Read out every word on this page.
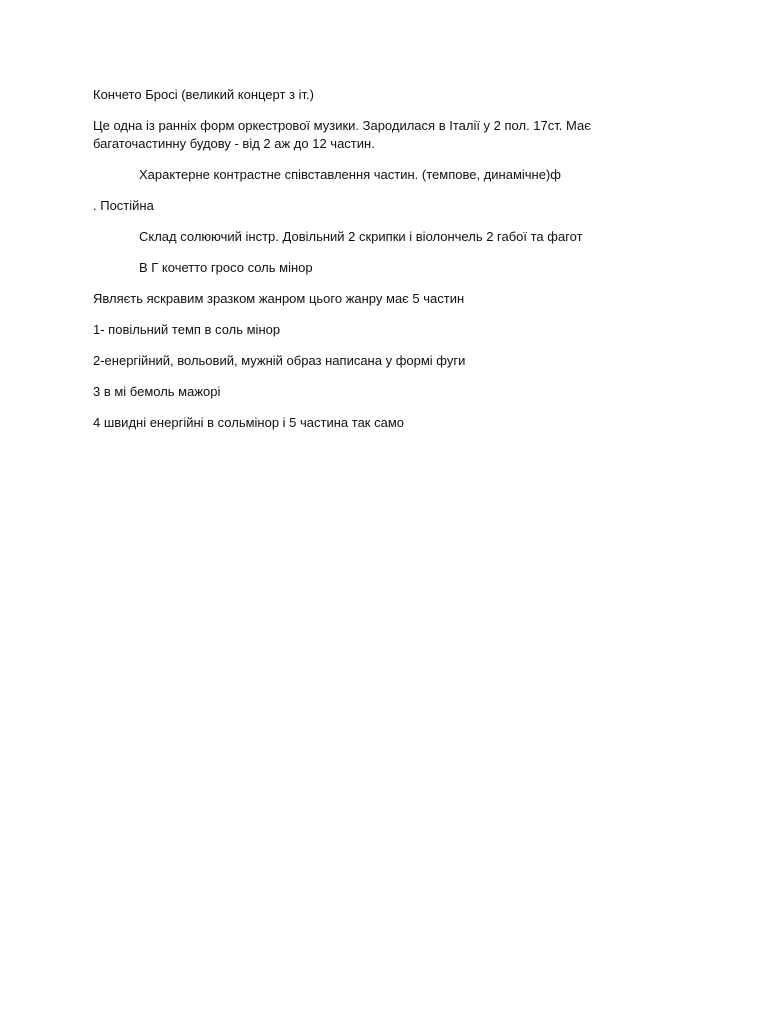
Кончето Бросі (великий концерт з іт.)

Це одна із ранніх форм оркестрової музики. Зародилася в Італії у 2 пол. 17ст. Має багаточастинну будову - від 2 аж до 12 частин.

Характерне контрастне співставлення частин. (темпове, динамічне)ф

. Постійна

Склад солюючий інстр. Довільний 2 скрипки і віолончель 2 габої та фагот

В Г кочетто гросо соль мінор

Являєть яскравим зразком жанром цього жанру має 5 частин

1- повільний темп в соль мінор

2-енергійний, вольовий, мужній образ написана у формі фуги

3 в мі бемоль мажорі

4 швидні енергійні в сольмінор і 5 частина так само
